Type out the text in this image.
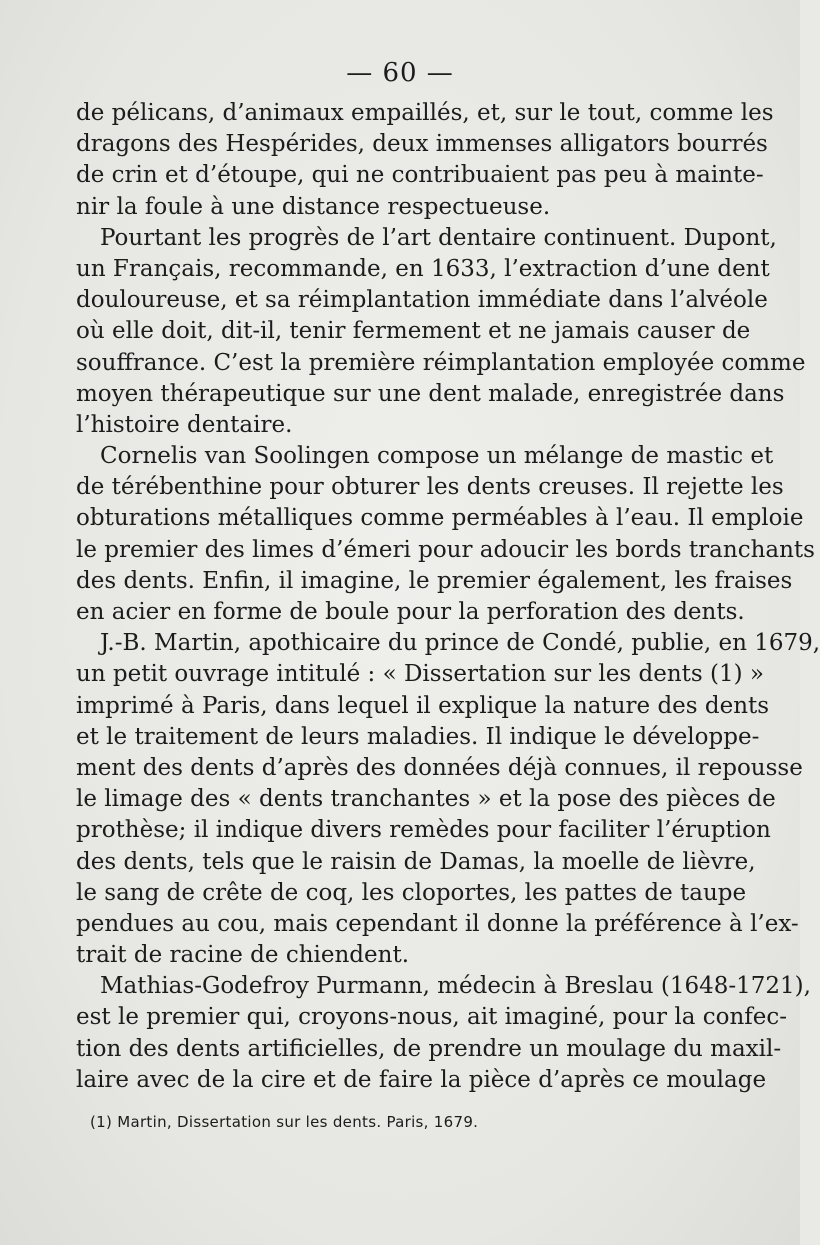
— 60 —
de pélicans, d’animaux empaillés, et, sur le tout, comme les
dragons des Hespérides, deux immenses alligators bourrés
de crin et d’étoupe, qui ne contribuaient pas peu à mainte-
nir la foule à une distance respectueuse.
Pourtant les progrès de l’art dentaire continuent. Dupont,
un Français, recommande, en 1633, l’extraction d’une dent
douloureuse, et sa réimplantation immédiate dans l’alvéole
où elle doit, dit-il, tenir fermement et ne jamais causer de
souffrance. C’est la première réimplantation employée comme
moyen thérapeutique sur une dent malade, enregistrée dans
l’histoire dentaire.
Cornelis van Soolingen compose un mélange de mastic et
de térébenthine pour obturer les dents creuses. Il rejette les
obturations métalliques comme perméables à l’eau. Il emploie
le premier des limes d’émeri pour adoucir les bords tranchants
des dents. Enfin, il imagine, le premier également, les fraises
en acier en forme de boule pour la perforation des dents.
J.-B. Martin, apothicaire du prince de Condé, publie, en 1679,
un petit ouvrage intitulé : « Dissertation sur les dents (1) »
imprimé à Paris, dans lequel il explique la nature des dents
et le traitement de leurs maladies. Il indique le développe-
ment des dents d’après des données déjà connues, il repousse
le limage des « dents tranchantes » et la pose des pièces de
prothèse; il indique divers remèdes pour faciliter l’éruption
des dents, tels que le raisin de Damas, la moelle de lièvre,
le sang de crête de coq, les cloportes, les pattes de taupe
pendues au cou, mais cependant il donne la préférence à l’ex-
trait de racine de chiendent.
Mathias-Godefroy Purmann, médecin à Breslau (1648-1721),
est le premier qui, croyons-nous, ait imaginé, pour la confec-
tion des dents artificielles, de prendre un moulage du maxil-
laire avec de la cire et de faire la pièce d’après ce moulage
(1) Martin, Dissertation sur les dents. Paris, 1679.
